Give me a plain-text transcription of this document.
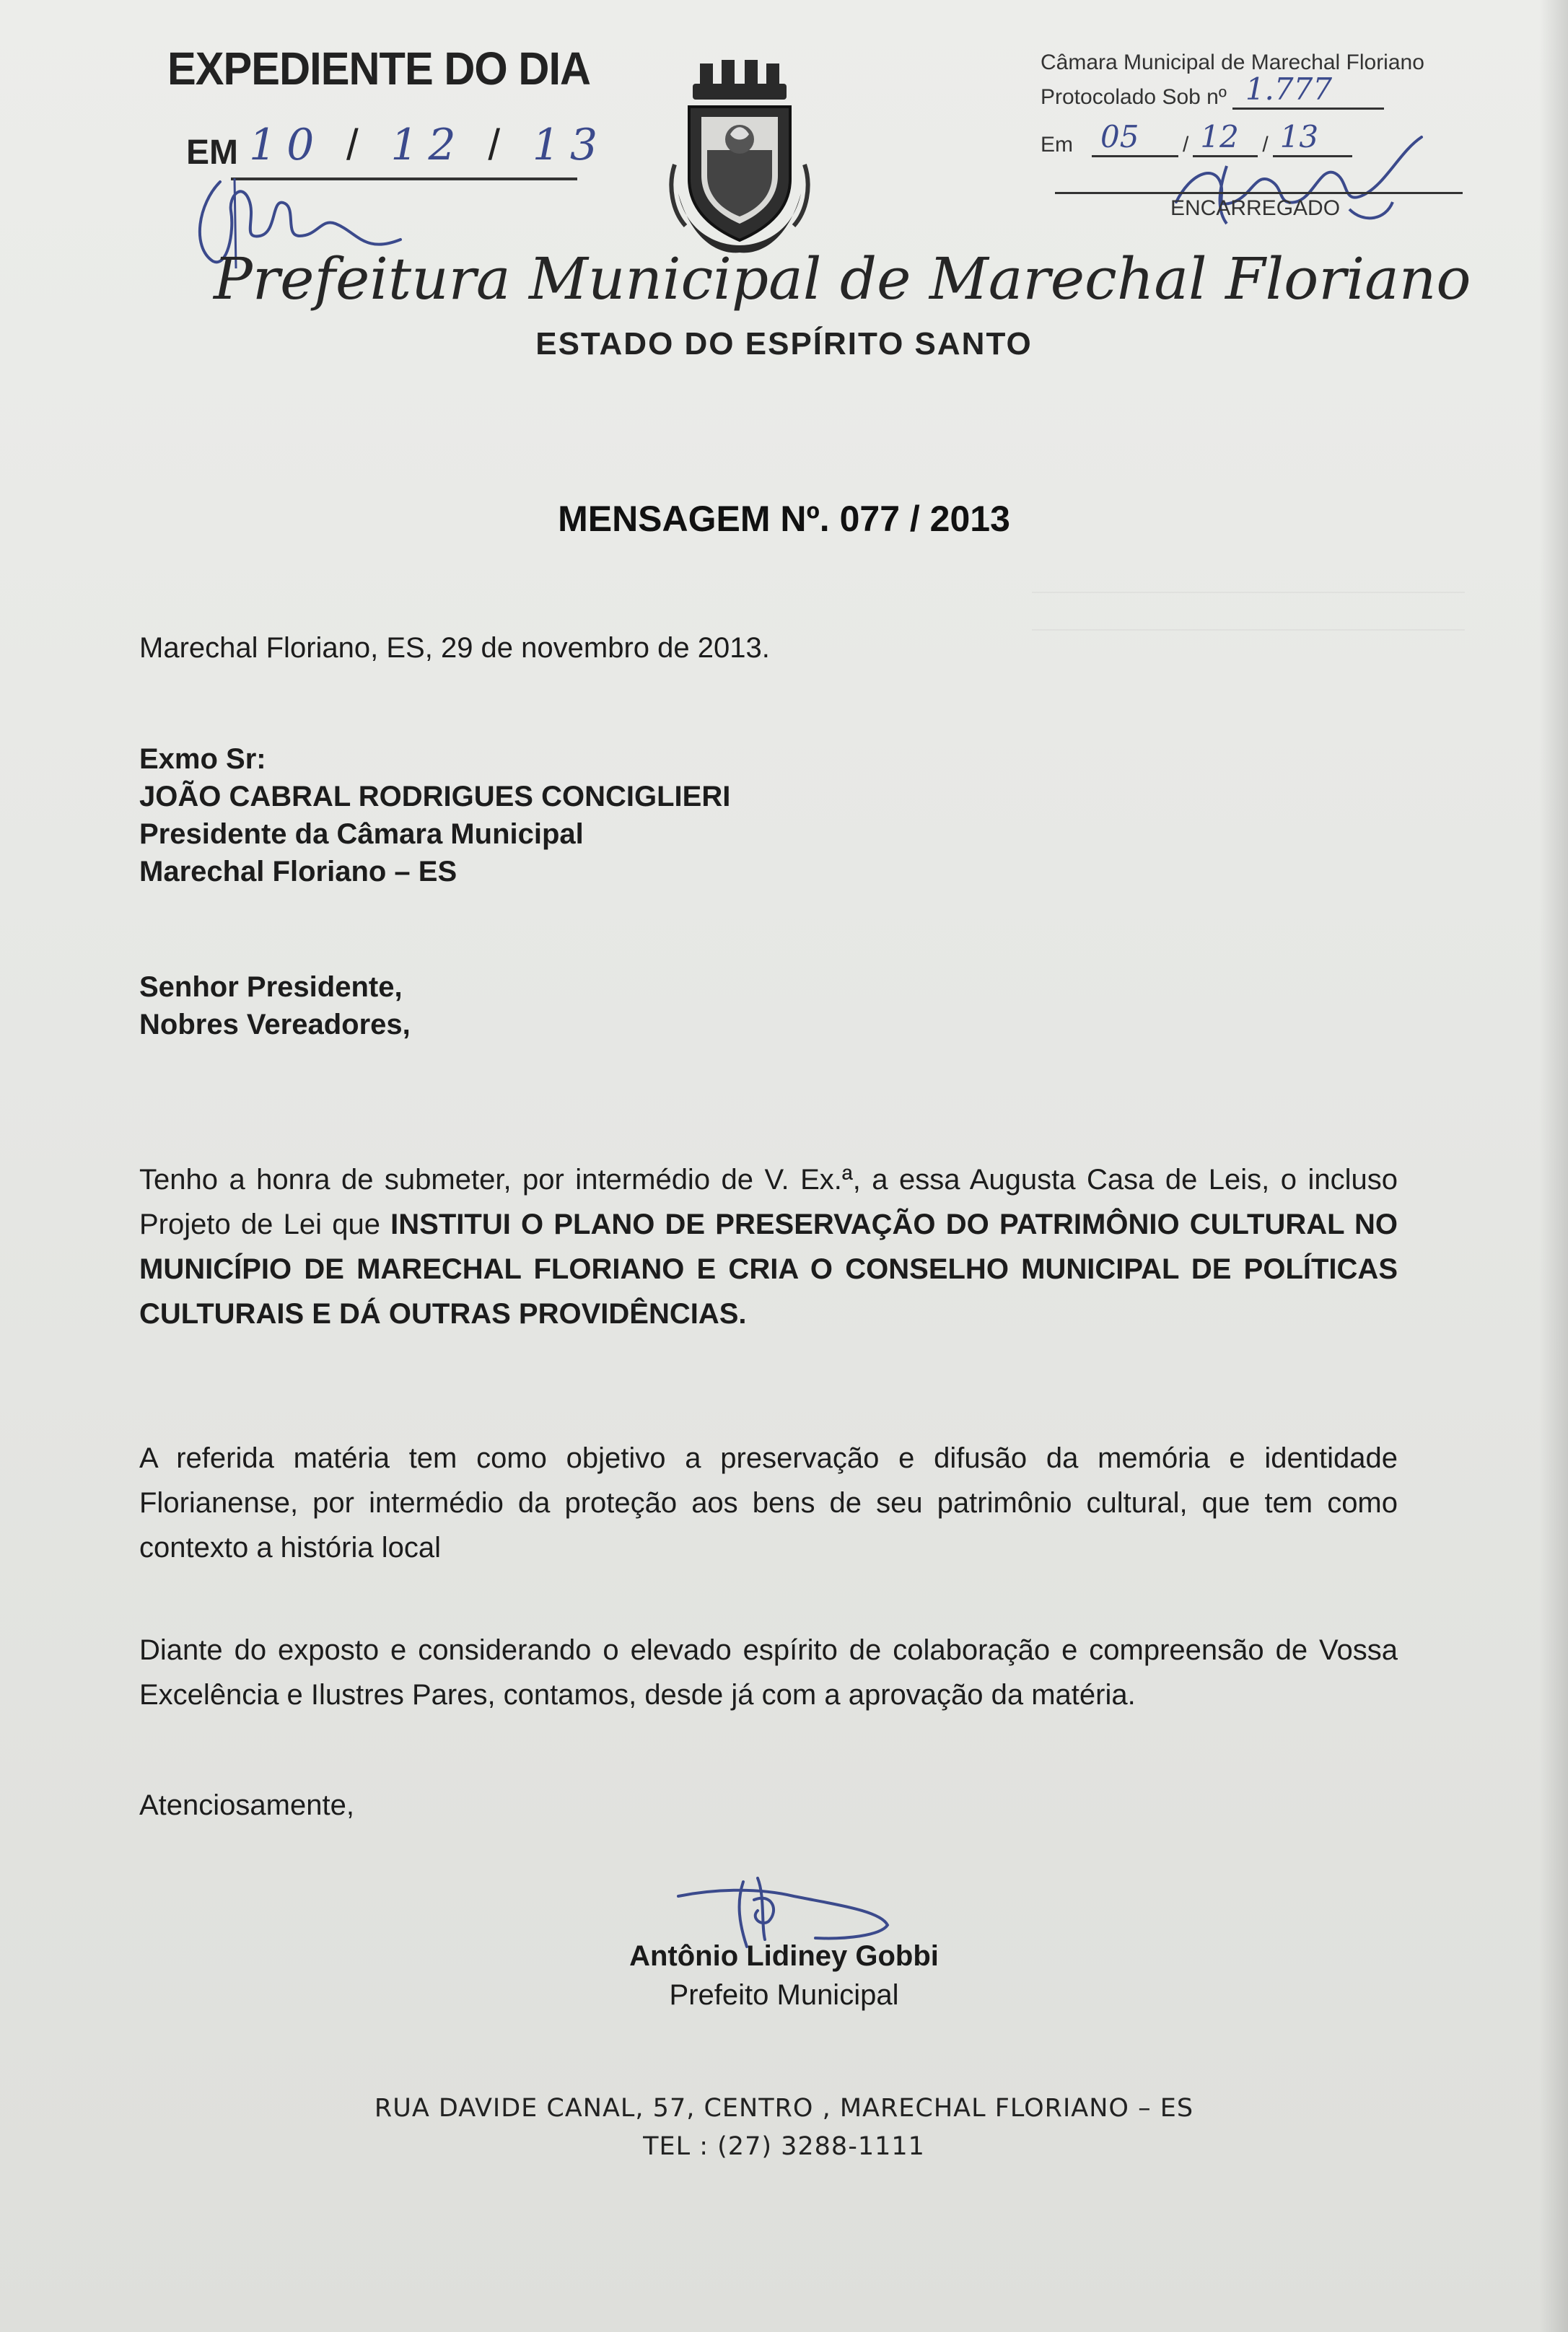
EXPEDIENTE DO DIA
EM 10 / 12 / 13
Câmara Municipal de Marechal Floriano
Protocolado Sob nº 1.777
Em 05 / 12 / 13
ENCARREGADO
Prefeitura Municipal de Marechal Floriano
ESTADO DO ESPÍRITO SANTO
MENSAGEM Nº. 077 / 2013
Marechal Floriano, ES, 29 de novembro de 2013.
Exmo Sr:
JOÃO CABRAL RODRIGUES CONCIGLIERI
Presidente da Câmara Municipal
Marechal Floriano – ES
Senhor Presidente,
Nobres Vereadores,
Tenho a honra de submeter, por intermédio de V. Ex.ª, a essa Augusta Casa de Leis, o incluso Projeto de Lei que INSTITUI O PLANO DE PRESERVAÇÃO DO PATRIMÔNIO CULTURAL NO MUNICÍPIO DE MARECHAL FLORIANO E CRIA O CONSELHO MUNICIPAL DE POLÍTICAS CULTURAIS E DÁ OUTRAS PROVIDÊNCIAS.
A referida matéria tem como objetivo a preservação e difusão da memória e identidade Florianense, por intermédio da proteção aos bens de seu patrimônio cultural, que tem como contexto a história local
Diante do exposto e considerando o elevado espírito de colaboração e compreensão de Vossa Excelência e Ilustres Pares, contamos, desde já com a aprovação da matéria.
Atenciosamente,
Antônio Lidiney Gobbi
Prefeito Municipal
RUA DAVIDE CANAL, 57, CENTRO , MARECHAL FLORIANO – ES
TEL : (27) 3288-1111
